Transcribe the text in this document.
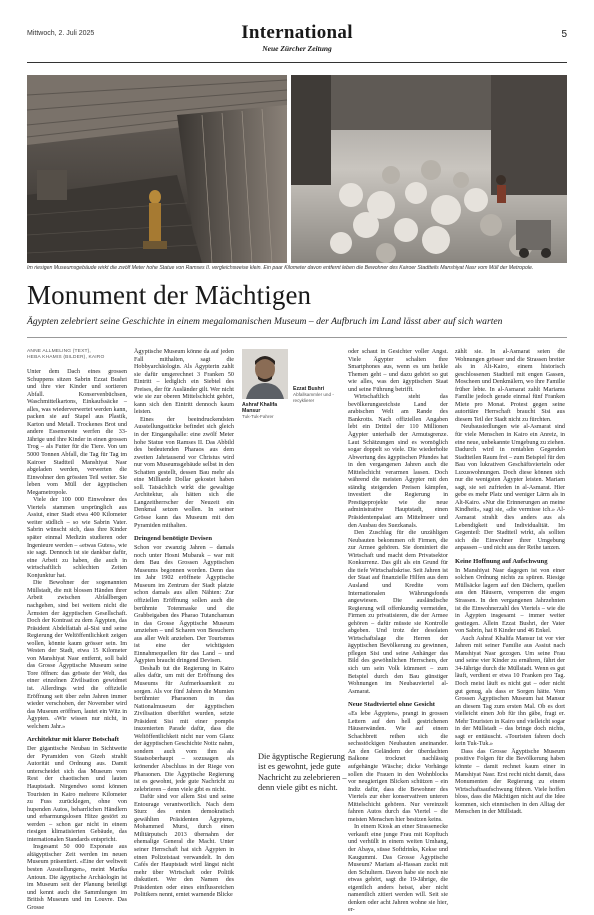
Mittwoch, 2. Juli 2025	International
Neue Zürcher Zeitung
5
Im riesigen Museumsgebäude wirkt die zwölf Meter hohe Statue von Ramses II. vergleichsweise klein. Ein paar Kilometer davon entfernt leben die Bewohner des Kairoer Stadtteils Manshiyat Nasr vom Müll der Metropole.
Monument der Mächtigen
Ägypten zelebriert seine Geschichte in einem megalomanischen Museum – der Aufbruch im Land lässt aber auf sich warten
ANNE ALLMELING (TEXT),
HEBA KHAMIS (BILDER), KAIRO

Unter dem Dach eines grossen Schuppens sitzen Sabrin Ezzat Bushri und ihre vier Kinder und sortieren Abfall. Konservenbüchsen, Waschmittelkartons, Einkaufssäcke – alles, was wiederverwertet werden kann, packen sie auf Stapel aus Plastik, Karton und Metall. Trockenes Brot und andere Essensreste werfen die 33-Jährige und ihre Kinder in einen grossen Trog – als Futter für die Tiere. Von um 5000 Tonnen Abfall, die Tag für Tag im Kairoer Stadtteil Manshiyat Nasr abgeladen werden, verwerten die Einwohner den grössten Teil weiter. Sie leben vom Müll der ägyptischen Megametropole.

Viele der 100 000 Einwohner des Viertels stammen ursprünglich aus Assiut, einer Stadt etwa 400 Kilometer weiter südlich – so wie Sabrin Vater. Sabrin wünscht sich, dass ihre Kinder später einmal Medizin studieren oder Ingenieure werden – «etwas Gutes», wie sie sagt. Dennoch ist sie dankbar dafür, eine Arbeit zu haben, die auch in wirtschaftlich schlechten Zeiten Konjunktur hat.

Die Bewohner der sogenannten Müllstadt, die mit blossen Händen ihrer Arbeit zwischen Abfallbergen nachgehen, sind bei weitem nicht die Ärmsten der ägyptischen Gesellschaft. Doch der Kontrast zu dem Ägypten, das Präsident Abdelfattah al-Sisi und seine Regierung der Weltöffentlichkeit zeigen wollen, könnte kaum grösser sein. Im Westen der Stadt, etwa 15 Kilometer von Manshiyat Nasr entfernt, soll bald das Grosse Ägyptische Museum seine Tore öffnen: das grösste der Welt, das einer einzelnen Zivilisation gewidmet ist. Allerdings wird die offizielle Eröffnung seit über zehn Jahren immer wieder verschoben, der November wird das Museum eröffnen, lautet ein Witz in Ägypten. «Wir wissen nur nicht, in welchem Jahr.»

Architektur mit klarer Botschaft

Der gigantische Neubau in Sichtweite der Pyramiden von Gizeh strahlt Autorität und Ordnung aus. Damit unterscheidet sich das Museum vom Rest der chaotischen und lauten Hauptstadt. Nirgendwo sonst können Touristen in Kairo mehrere Kilometer zu Fuss zurücklegen, ohne von hupenden Autos, beharrlichen Händlern und erbarmungslosen Hitze gestört zu werden – schon gar nicht in einem riesigen klimatisierten Gebäude, das internationalen Standards entspricht.

Insgesamt 50 000 Exponate aus altägyptischer Zeit werden im neuen Museum präsentiert. «Eine der weltweit besten Ausstellungen», meint Marika Antoun. Die ägyptische Archäologin ist im Museum seit der Planung beteiligt und kennt auch die Sammlungen im British Museum und im Louvre. Das Grosse

Ägyptische Museum könne da auf jeden Fall mithalten, sagt die Hobbyarchäologin. Als Ägypterin zahlt sie dafür umgerechnet 3 Franken 50 Eintritt – lediglich ein Siebtel des Preises, der für Ausländer gilt. Wer nicht wie sie zur oberen Mittelschicht gehört, kann sich den Eintritt dennoch kaum leisten.

Eines der beeindruckendsten Ausstellungsstücke befindet sich gleich in der Eingangshalle: eine zwölf Meter hohe Statue von Ramses II. Das Abbild des bedeutenden Pharaos aus dem zweiten Jahrtausend vor Christus wird nur vom Museumsgebäude selbst in den Schatten gestellt, dessen Bau mehr als eine Milliarde Dollar gekostet haben soll. Tatsächlich wirkt die gewaltige Architektur, als hätten sich die Langzeitherrscher der Neuzeit ein Denkmal setzen wollen. In seiner Grösse kann das Museum mit den Pyramiden mithalten.

Dringend benötigte Devisen

Schon vor zwanzig Jahren – damals noch unter Hosni Mubarak – war mit dem Bau des Grossen Ägyptischen Museums begonnen worden. Denn das im Jahr 1902 eröffnete Ägyptische Museum im Zentrum der Stadt platzte schon damals aus allen Nähten: Zur offiziellen Eröffnung sollen auch die berühmte Totenmaske und die Grabbeigaben des Pharao Tutanchamun in das Grosse Ägyptische Museum umziehen – und Scharen von Besuchern aus aller Welt anziehen. Der Tourismus ist eine der wichtigsten Einnahmequellen für das Land – und Ägypten braucht dringend Devisen.

Deshalb tut die Regierung in Kairo alles dafür, um mit der Eröffnung des Museums für Aufmerksamkeit zu sorgen. Als vor fünf Jahren die Mumien berühmter Pharaonen in das Nationalmuseum der ägyptischen Zivilisation überführt wurden, setzte Präsident Sisi mit einer pompös inszenierten Parade dafür, dass die Weltöffentlichkeit nicht nur vom Glanz der ägyptischen Geschichte Notiz nahm, sondern auch vom ihm als Staatsoberhaupt – sozusagen als krönender Abschluss in der Riege von Pharaonen. Die Ägyptische Regierung ist es gewohnt, jede gute Nachricht zu zelebrieren – denn viele gibt es nicht.

Dafür sind vor allem Sisi und seine Entourage verantwortlich. Nach dem Sturz des ersten demokratisch gewählten Präsidenten Ägyptens, Mohammed Mursi, durch einen Militärputsch 2013 übernahm der ehemalige General die Macht. Unter seiner Herrschaft hat sich Ägypten in einen Polizeistaat verwandelt. In den Cafés der Hauptstadt wird längst nicht mehr über Wirtschaft oder Politik diskutiert. Wer den Namen des Präsidenten oder eines einflussreichen Politikers nennt, erntet warnende Blicke

Ashraf Khalifa Mansur
Tuk-Tuk-Fahrer
Ezzat Bushri
Abfallsammler und -recyklierer
Die ägyptische Regierung ist es gewohnt, jede gute Nachricht zu zelebrieren – denn viele gibt es nicht.

oder schaut in Gesichter voller Angst. Viele Ägypter schalten ihre Smartphones aus, wenn es um heikle Themen geht – und dazu gehört so gut wie alles, was den ägyptischen Staat und seine Führung betrifft.

Wirtschaftlich steht das bevölkerungsreichste Land der arabischen Welt am Rande des Bankrotts. Nach offiziellen Angaben lebt ein Drittel der 110 Millionen Ägypter unterhalb der Armutsgrenze. Laut Schätzungen sind es womöglich sogar doppelt so viele. Die wiederholte Abwertung des ägyptischen Pfundes hat in den vergangenen Jahren auch die Mittelschicht verarmen lassen. Doch während die meisten Ägypter mit den ständig steigenden Preisen kämpfen, investiert die Regierung in Prestigeprojekte wie die neue administrative Hauptstadt, einen Präsidentenpalast am Mittelmeer und den Ausbau des Suezkanals.

Den Zuschlag für die unzähligen Neubauten bekommen oft Firmen, die zur Armee gehören. Sie dominiert die Wirtschaft und macht dem Privatsektor Konkurrenz. Das gilt als ein Grund für die tiefe Wirtschaftskrise. Seit Jahren ist der Staat auf finanzielle Hilfen aus dem Ausland und Kredite vom Internationalen Währungsfonds angewiesen. Die ausländische Regierung will offenkundig vermeiden, Firmen zu privatisieren, die der Armee gehören – dafür müsste sie Kontrolle abgeben. Und trotz der desolaten Wirtschaftslage die Herren der ägyptischen Bevölkerung zu gewinnen, pflegen Sisi und seine Anhänger das Bild des gewöhnlichen Herrschers, der sich um sein Volk kümmert – zum Beispiel durch den Bau günstiger Wohnungen im Neubauviertel al-Asmarat.

Neue Stadtviertel ohne Gesicht

«Es lebe Ägypten», prangt in grossen Lettern auf den hell gestrichenen Häuserwänden. Wie auf einem Schachbrett reihen sich die sechsstöckigen Neubauten aneinander. An den Geländern der überdachten Balkone trocknet nachlässig aufgehängte Wäsche; dicke Vorhänge sollen die Frauen in den Wohnblocks vor neugierigen Blicken schützen – ein Indiz dafür, dass die Bewohner des Viertels zur eher konservativen unteren Mittelschicht gehören. Nur vereinzelt fahren Autos durch das Viertel – die meisten Menschen hier besitzen keins.

In einem Kiosk an einer Strassenecke verkauft eine junge Frau mit Kopftuch und verhüllt in einem weiten Umhang, der Abaya, süsse Softdrinks, Kekse und Kaugummi. Das Grosse Ägyptische Museum? Mariam al-Hassan zuckt mit den Schultern. Davon habe sie noch nie etwas gehört, sagt die 19-Jährige, die eigentlich anders heisst, aber nicht namentlich zitiert werden will. Seit sie denken oder acht Jahren wohne sie hier, er-

zählt sie. In al-Asmarat seien die Wohnungen grösser und die Strassen breiter als in Alt-Kairo, einem historisch geschlossenen Stadtteil mit engen Gassen, Moscheen und Denkmälern, wo ihre Familie früher lebte. In al-Asmarat zahlt Mariams Familie jedoch gerade einmal fünf Franken Miete pro Monat. Protest gegen seine autoritäre Herrschaft braucht Sisi aus diesem Teil der Stadt nicht zu fürchten.

Neubausiedlungen wie al-Asmarat sind für viele Menschen in Kairo ein Anreiz, in eine neue, unbekannte Umgebung zu ziehen. Dadurch wird in rentablen Gegenden Stadtteilen Raum frei – zum Beispiel für den Bau von lukrativen Geschäftsvierteln oder Luxuswohnungen. Doch diese können sich nur die wenigsten Ägypter leisten. Mariam sagt, sie sei zufrieden in al-Asmarat. Hier gebe es mehr Platz und weniger Lärm als in Alt-Kairo. «Nur die Erinnerungen an meine Kindheit», sagt sie, «die vermisse ich.» Al-Asmarat strahlt dies anders aus als Lebendigkeit und Individualität. Im Gegenteil: Der Stadtteil wirkt, als sollten sich die Einwohner ihrer Umgebung anpassen – und nicht aus der Reihe tanzen.

Keine Hoffnung auf Aufschwung

In Manshiyat Nasr dagegen ist von einer solchen Ordnung nichts zu spüren. Riesige Müllsäcke lagern auf den Dächern, quellen aus den Häusern, versperren die engen Strassen. In den vergangenen Jahrzehnten ist die Einwohnerzahl des Viertels – wie die in Ägypten insgesamt – immer weiter gestiegen. Allein Ezzat Bushri, der Vater von Sabrin, hat 8 Kinder und 46 Enkel.

Auch Ashraf Khalifa Mansur ist vor vier Jahren mit seiner Familie aus Assiut nach Manshiyat Nasr gezogen. Um seine Frau und seine vier Kinder zu ernähren, fährt der 34-Jährige durch die Müllstadt. Wenn es gut läuft, verdient er etwa 10 Franken pro Tag. Doch meist läuft es nicht gut – oder nicht gut genug, als dass er Sorgen hätte. Vom Grossen Ägyptischen Museum hat Mansur an diesem Tag zum ersten Mal. Ob es dort vielleicht einen Job für ihn gäbe, fragt er. Mehr Touristen in Kairo und vielleicht sogar in der Müllstadt – das bringe doch nichts, sagt er enttäuscht. «Touristen fahren doch kein Tuk-Tuk.»

Dass das Grosse Ägyptische Museum positive Folgen für die Bevölkerung haben könnte – damit rechnet kaum einer in Manshiyat Nasr. Erst recht nicht damit, dass Monumenten der Regierung zu einem Wirtschaftsaufschwung führen. Viele hoffen bloss, dass die Mächtigen nicht auf die Idee kommen, sich einmischen in den Alltag der Menschen in der Müllstadt.
